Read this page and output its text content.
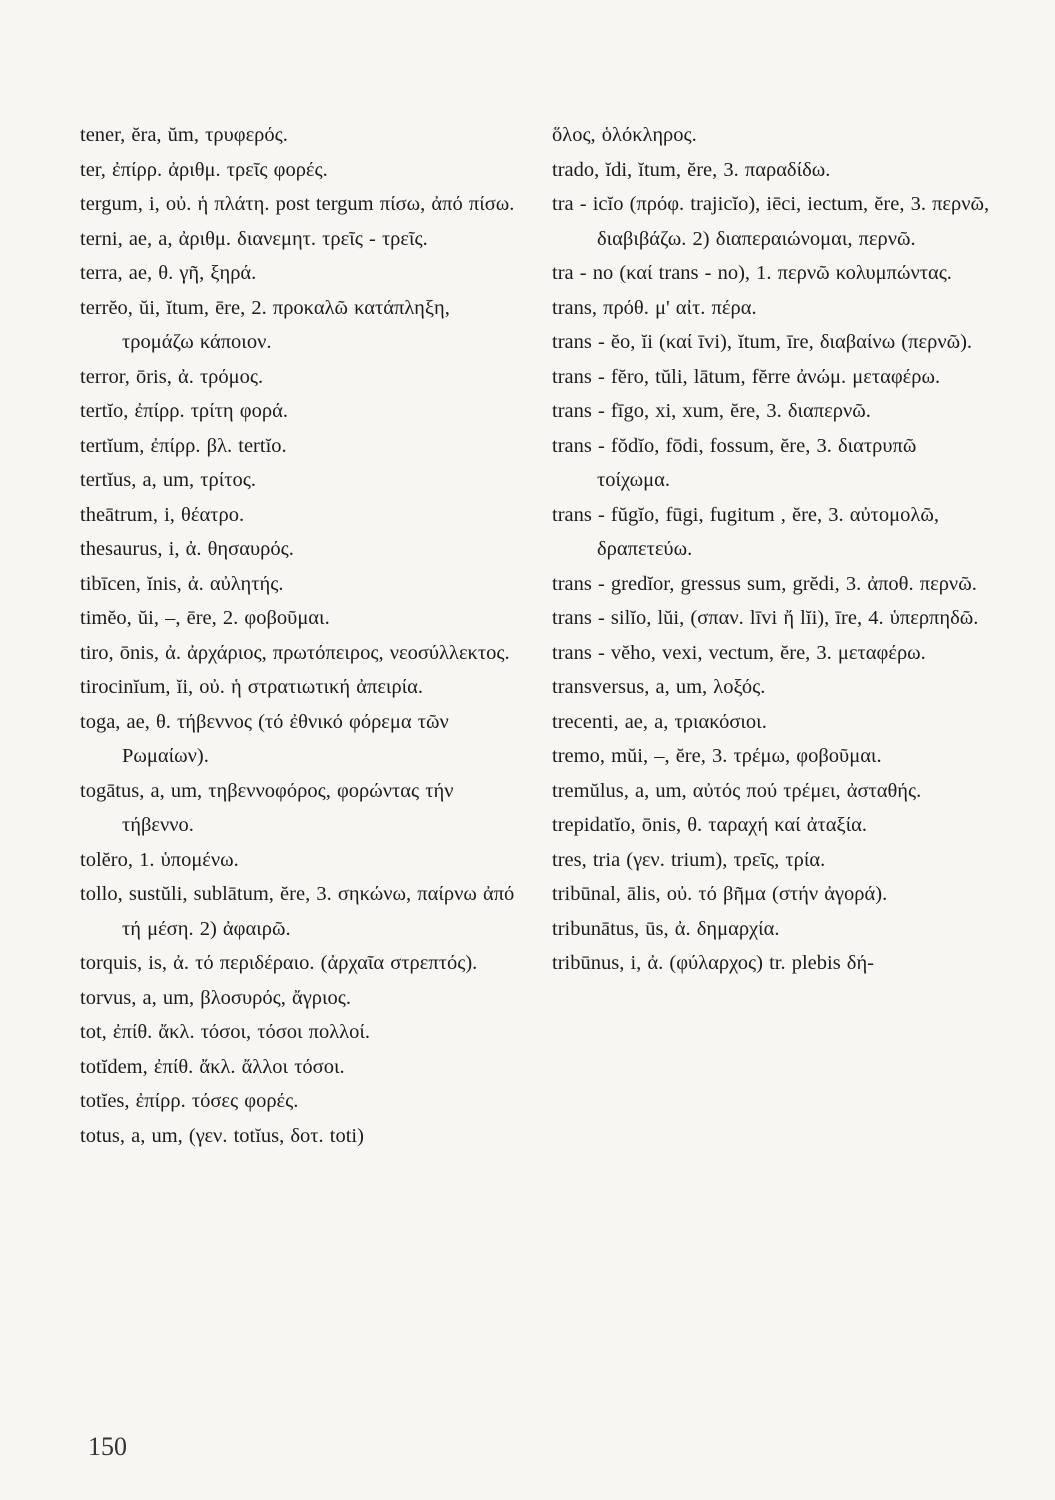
tener, ĕra, ŭm, τρυφερός.
ter, ἐπίρρ. ἀριθμ. τρεῖς φορές.
tergum, i, οὐ. ἡ πλάτη. post tergum πίσω, ἀπό πίσω.
terni, ae, a, ἀριθμ. διανεμητ. τρεῖς - τρεῖς.
terra, ae, θ. γῆ, ξηρά.
terrĕo, ŭi, ĭtum, ēre, 2. προκαλῶ κατάπληξη, τρομάζω κάποιον.
terror, ōris, ἀ. τρόμος.
tertĭo, ἐπίρρ. τρίτη φορά.
tertĭum, ἐπίρρ. βλ. tertĭo.
tertĭus, a, um, τρίτος.
theātrum, i, θέατρο.
thesaurus, i, ἀ. θησαυρός.
tibīcen, ĭnis, ἀ. αὐλητής.
timĕo, ŭi, –, ēre, 2. φοβοῦμαι.
tiro, ōnis, ἀ. ἀρχάριος, πρωτόπειρος, νεοσύλλεκτος.
tirocinĭum, ĭi, οὐ. ἡ στρατιωτική ἀπειρία.
toga, ae, θ. τήβεννος (τό ἐθνικό φόρεμα τῶν Ρωμαίων).
togātus, a, um, τηβεννοφόρος, φορώντας τήν τήβεννο.
tolĕro, 1. ὑπομένω.
tollo, sustŭli, sublātum, ĕre, 3. σηκώνω, παίρνω ἀπό τή μέση. 2) ἀφαιρῶ.
torquis, is, ἀ. τό περιδέραιο. (ἀρχαῖα στρεπτός).
torvus, a, um, βλοσυρός, ἄγριος.
tot, ἐπίθ. ἄκλ. τόσοι, τόσοι πολλοί.
totĭdem, ἐπίθ. ἄκλ. ἄλλοι τόσοι.
totĭes, ἐπίρρ. τόσες φορές.
totus, a, um, (γεν. totĭus, δοτ. toti)
ὅλος, ὁλόκληρος.
trado, ĭdi, ĭtum, ĕre, 3. παραδίδω.
tra - icĭo (πρόφ. trajicĭo), iēci, iectum, ĕre, 3. περνῶ, διαβιβάζω. 2) διαπεραιώνομαι, περνῶ.
tra - no (καί trans - no), 1. περνῶ κολυμπώντας.
trans, πρόθ. μ' αἰτ. πέρα.
trans - ĕo, ĭi (καί īvi), ĭtum, īre, διαβαίνω (περνῶ).
trans - fĕro, tŭli, lātum, fĕrre ἀνώμ. μεταφέρω.
trans - fīgo, xi, xum, ĕre, 3. διαπερνῶ.
trans - fŏdĭo, fōdi, fossum, ĕre, 3. διατρυπῶ τοίχωμα.
trans - fŭgĭo, fūgi, fugitum , ĕre, 3. αὐτομολῶ, δραπετεύω.
trans - gredĭor, gressus sum, grĕdi, 3. ἀποθ. περνῶ.
trans - silĭo, lŭi, (σπαν. līvi ἤ lĭi), īre, 4. ὑπερπηδῶ.
trans - vĕho, vexi, vectum, ĕre, 3. μεταφέρω.
transversus, a, um, λοξός.
trecenti, ae, a, τριακόσιοι.
tremo, mŭi, –, ĕre, 3. τρέμω, φοβοῦμαι.
tremŭlus, a, um, αὐτός πού τρέμει, ἀσταθής.
trepidatĭo, ōnis, θ. ταραχή καί ἀταξία.
tres, tria (γεν. trium), τρεῖς, τρία.
tribūnal, ālis, οὐ. τό βῆμα (στήν ἀγορά).
tribunātus, ūs, ἀ. δημαρχία.
tribūnus, i, ἀ. (φύλαρχος) tr. plebis δή-
150
